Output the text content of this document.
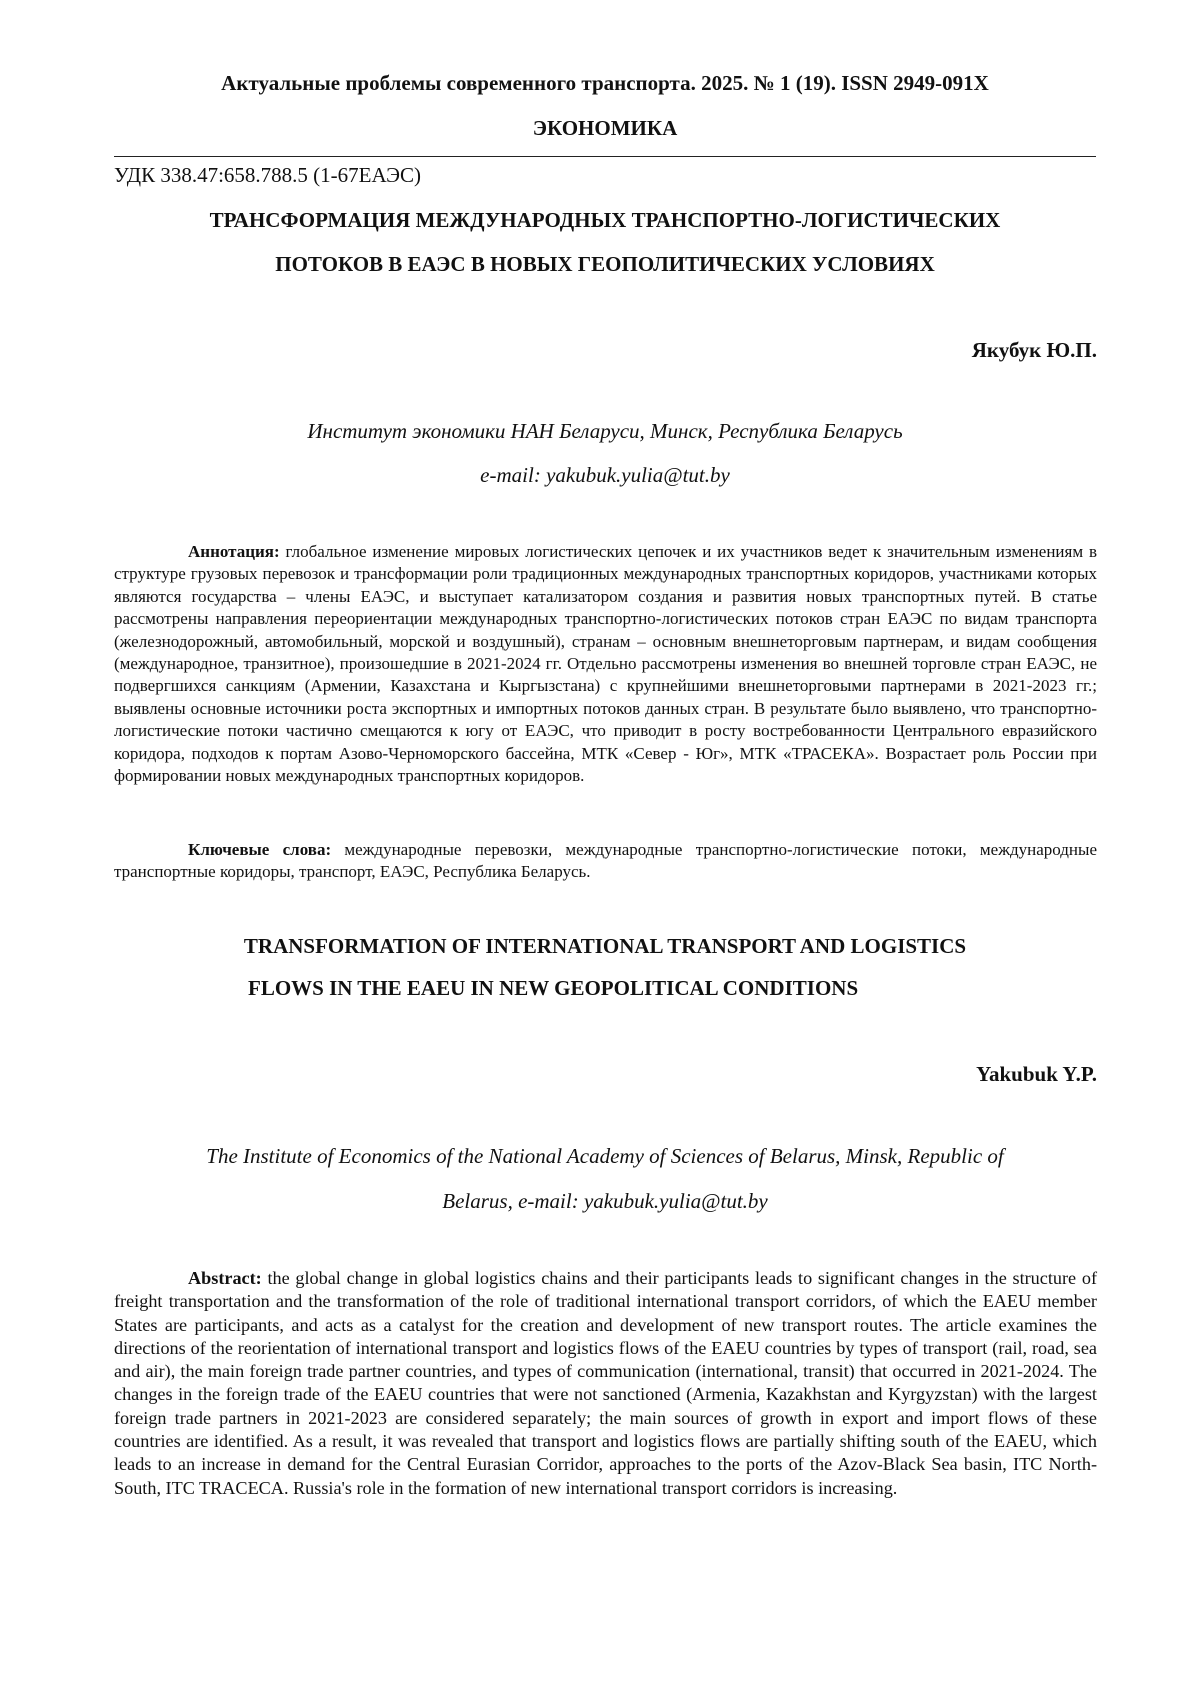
Актуальные проблемы современного транспорта. 2025. № 1 (19). ISSN 2949-091X
ЭКОНОМИКА
УДК 338.47:658.788.5 (1-67ЕАЭС)
ТРАНСФОРМАЦИЯ МЕЖДУНАРОДНЫХ ТРАНСПОРТНО-ЛОГИСТИЧЕСКИХ
ПОТОКОВ В ЕАЭС В НОВЫХ ГЕОПОЛИТИЧЕСКИХ УСЛОВИЯХ
Якубук Ю.П.
Институт экономики НАН Беларуси, Минск, Республика Беларусь
e-mail: yakubuk.yulia@tut.by

Аннотация: глобальное изменение мировых логистических цепочек и их участников ведет к значительным изменениям в структуре грузовых перевозок и трансформации роли традиционных международных транспортных коридоров, участниками которых являются государства – члены ЕАЭС, и выступает катализатором создания и развития новых транспортных путей. В статье рассмотрены направления переориентации международных транспортно-логистических потоков стран ЕАЭС по видам транспорта (железнодорожный, автомобильный, морской и воздушный), странам – основным внешнеторговым партнерам, и видам сообщения (международное, транзитное), произошедшие в 2021-2024 гг. Отдельно рассмотрены изменения во внешней торговле стран ЕАЭС, не подвергшихся санкциям (Армении, Казахстана и Кыргызстана) с крупнейшими внешнеторговыми партнерами в 2021-2023 гг.; выявлены основные источники роста экспортных и импортных потоков данных стран. В результате было выявлено, что транспортно-логистические потоки частично смещаются к югу от ЕАЭС, что приводит в росту востребованности Центрального евразийского коридора, подходов к портам Азово-Черноморского бассейна, МТК «Север - Юг», МТК «ТРАСЕКА». Возрастает роль России при формировании новых международных транспортных коридоров.

Ключевые слова: международные перевозки, международные транспортно-логистические потоки, международные транспортные коридоры, транспорт, ЕАЭС, Республика Беларусь.

TRANSFORMATION OF INTERNATIONAL TRANSPORT AND LOGISTICS
FLOWS IN THE EAEU IN NEW GEOPOLITICAL CONDITIONS
Yakubuk Y.P.
The Institute of Economics of the National Academy of Sciences of Belarus, Minsk, Republic of
Belarus, e-mail: yakubuk.yulia@tut.by

Abstract: the global change in global logistics chains and their participants leads to significant changes in the structure of freight transportation and the transformation of the role of traditional international transport corridors, of which the EAEU member States are participants, and acts as a catalyst for the creation and development of new transport routes. The article examines the directions of the reorientation of international transport and logistics flows of the EAEU countries by types of transport (rail, road, sea and air), the main foreign trade partner countries, and types of communication (international, transit) that occurred in 2021-2024. The changes in the foreign trade of the EAEU countries that were not sanctioned (Armenia, Kazakhstan and Kyrgyzstan) with the largest foreign trade partners in 2021-2023 are considered separately; the main sources of growth in export and import flows of these countries are identified. As a result, it was revealed that transport and logistics flows are partially shifting south of the EAEU, which leads to an increase in demand for the Central Eurasian Corridor, approaches to the ports of the Azov-Black Sea basin, ITC North-South, ITC TRACECA. Russia's role in the formation of new international transport corridors is increasing.
